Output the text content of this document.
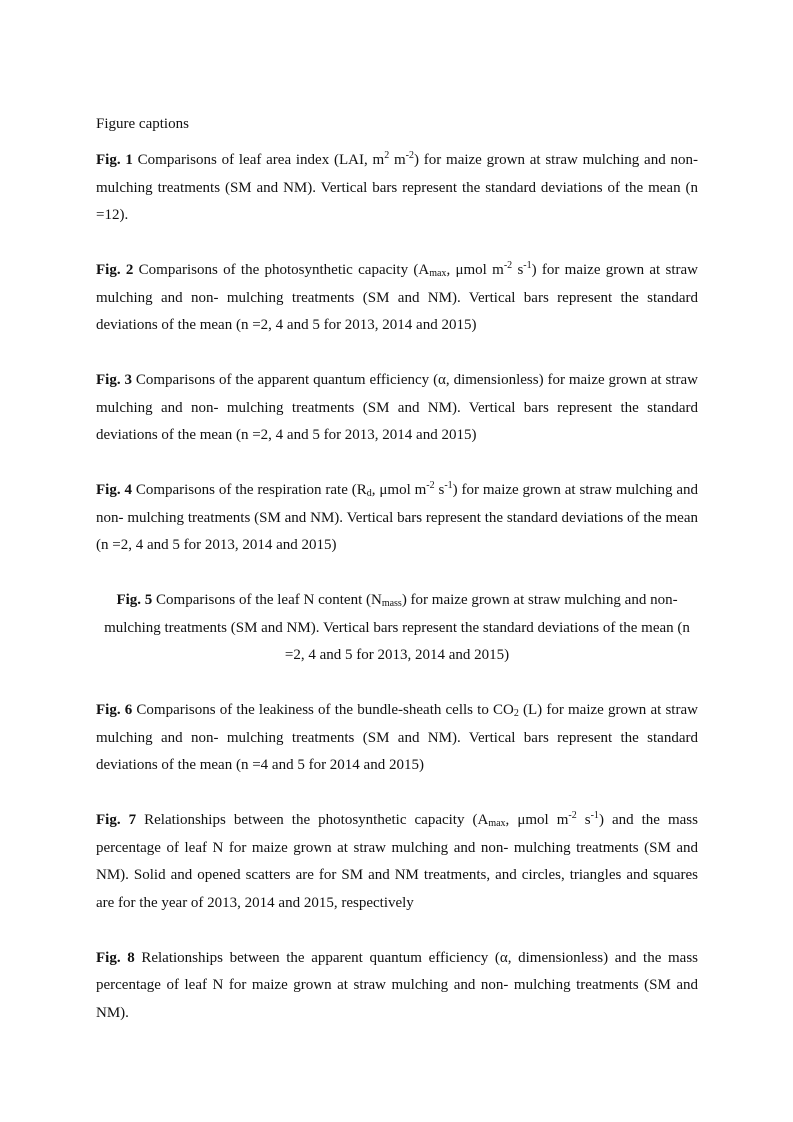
Figure captions

Fig. 1 Comparisons of leaf area index (LAI, $m^2$ $m^{-2}$) for maize grown at straw mulching and non- mulching treatments (SM and NM). Vertical bars represent the standard deviations of the mean (n =12).

Fig. 2 Comparisons of the photosynthetic capacity ($A_{max}$, μmol $m^{-2}$ $s^{-1}$) for maize grown at straw mulching and non- mulching treatments (SM and NM). Vertical bars represent the standard deviations of the mean (n =2, 4 and 5 for 2013, 2014 and 2015)

Fig. 3 Comparisons of the apparent quantum efficiency (α, dimensionless) for maize grown at straw mulching and non- mulching treatments (SM and NM). Vertical bars represent the standard deviations of the mean (n =2, 4 and 5 for 2013, 2014 and 2015)

Fig. 4 Comparisons of the respiration rate ($R_d$, μmol $m^{-2}$ $s^{-1}$) for maize grown at straw mulching and non- mulching treatments (SM and NM). Vertical bars represent the standard deviations of the mean (n =2, 4 and 5 for 2013, 2014 and 2015)

Fig. 5 Comparisons of the leaf N content $(N_{mass})$ for maize grown at straw mulching and non- mulching treatments (SM and NM). Vertical bars represent the standard deviations of the mean (n =2, 4 and 5 for 2013, 2014 and 2015)

Fig. 6 Comparisons of the leakiness of the bundle-sheath cells to $CO_2$ (L) for maize grown at straw mulching and non- mulching treatments (SM and NM). Vertical bars represent the standard deviations of the mean (n =4 and 5 for 2014 and 2015)

Fig. 7 Relationships between the photosynthetic capacity ($A_{max}$, μmol $m^{-2}$ $s^{-1}$) and the mass percentage of leaf N for maize grown at straw mulching and non- mulching treatments (SM and NM). Solid and opened scatters are for SM and NM treatments, and circles, triangles and squares are for the year of 2013, 2014 and 2015, respectively

Fig. 8 Relationships between the apparent quantum efficiency (α, dimensionless) and the mass percentage of leaf N for maize grown at straw mulching and non- mulching treatments (SM and NM).
